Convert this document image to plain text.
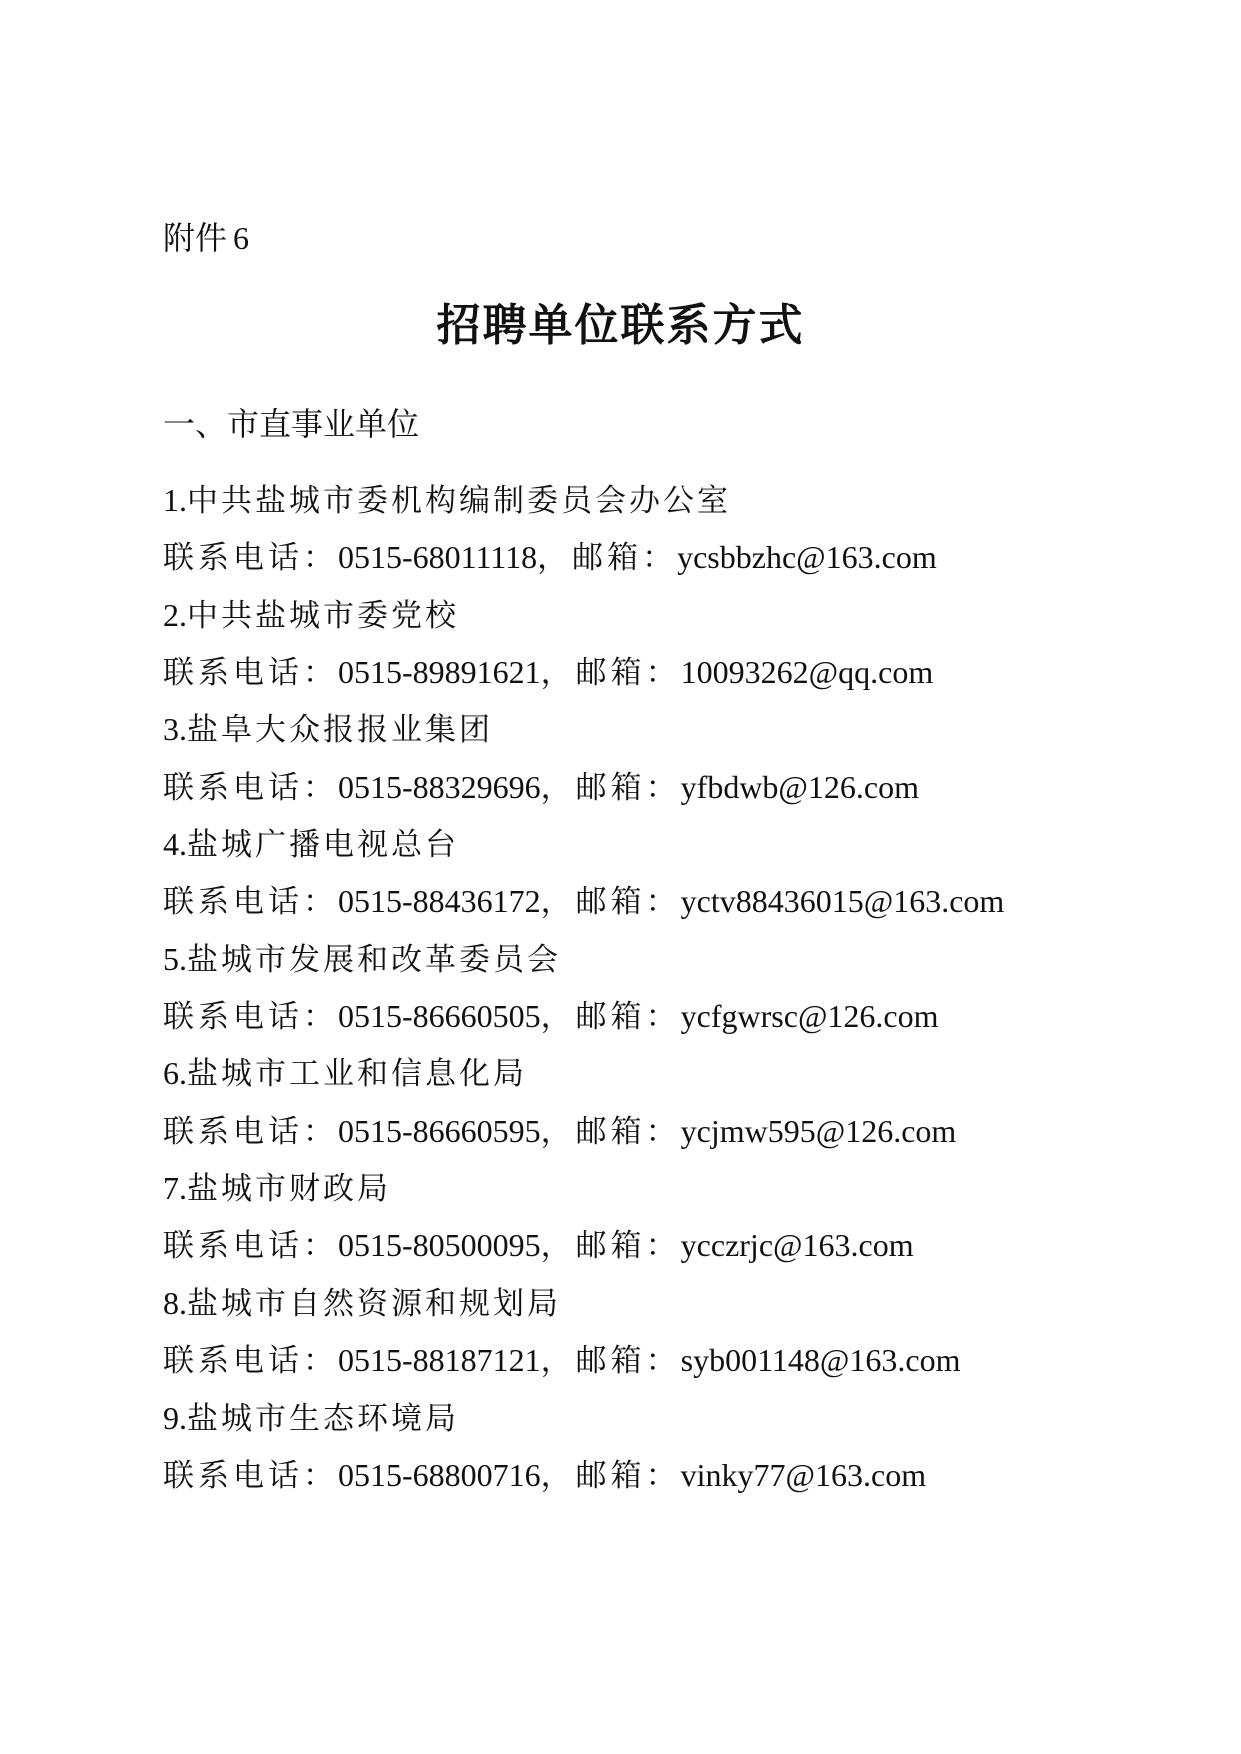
附件 6
招聘单位联系方式
一、市直事业单位
1.中共盐城市委机构编制委员会办公室
联系电话：0515-68011118，邮箱：ycsbbzhc@163.com
2.中共盐城市委党校
联系电话：0515-89891621，邮箱：10093262@qq.com
3.盐阜大众报报业集团
联系电话：0515-88329696，邮箱：yfbdwb@126.com
4.盐城广播电视总台
联系电话：0515-88436172，邮箱：yctv88436015@163.com
5.盐城市发展和改革委员会
联系电话：0515-86660505，邮箱：ycfgwrsc@126.com
6.盐城市工业和信息化局
联系电话：0515-86660595，邮箱：ycjmw595@126.com
7.盐城市财政局
联系电话：0515-80500095，邮箱：ycczrjc@163.com
8.盐城市自然资源和规划局
联系电话：0515-88187121，邮箱：syb001148@163.com
9.盐城市生态环境局
联系电话：0515-68800716，邮箱：vinky77@163.com
